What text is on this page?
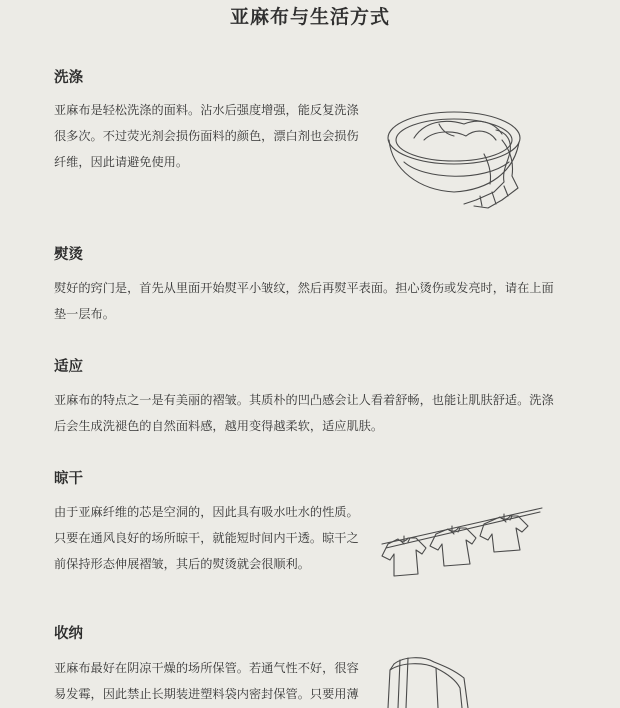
亚麻布与生活方式
洗涤
亚麻布是轻松洗涤的面料。沾水后强度增强，能反复洗涤
很多次。不过荧光剂会损伤面料的颜色，漂白剂也会损伤
纤维，因此请避免使用。
熨烫
熨好的窍门是，首先从里面开始熨平小皱纹，然后再熨平表面。担心烫伤或发亮时，请在上面
垫一层布。
适应
亚麻布的特点之一是有美丽的褶皱。其质朴的凹凸感会让人看着舒畅，也能让肌肤舒适。洗涤
后会生成洗褪色的自然面料感，越用变得越柔软，适应肌肤。
晾干
由于亚麻纤维的芯是空洞的，因此具有吸水吐水的性质。
只要在通风良好的场所晾干，就能短时间内干透。晾干之
前保持形态伸展褶皱，其后的熨烫就会很顺利。
收纳
亚麻布最好在阴凉干燥的场所保管。若通气性不好，很容
易发霉，因此禁止长期装进塑料袋内密封保管。只要用薄
